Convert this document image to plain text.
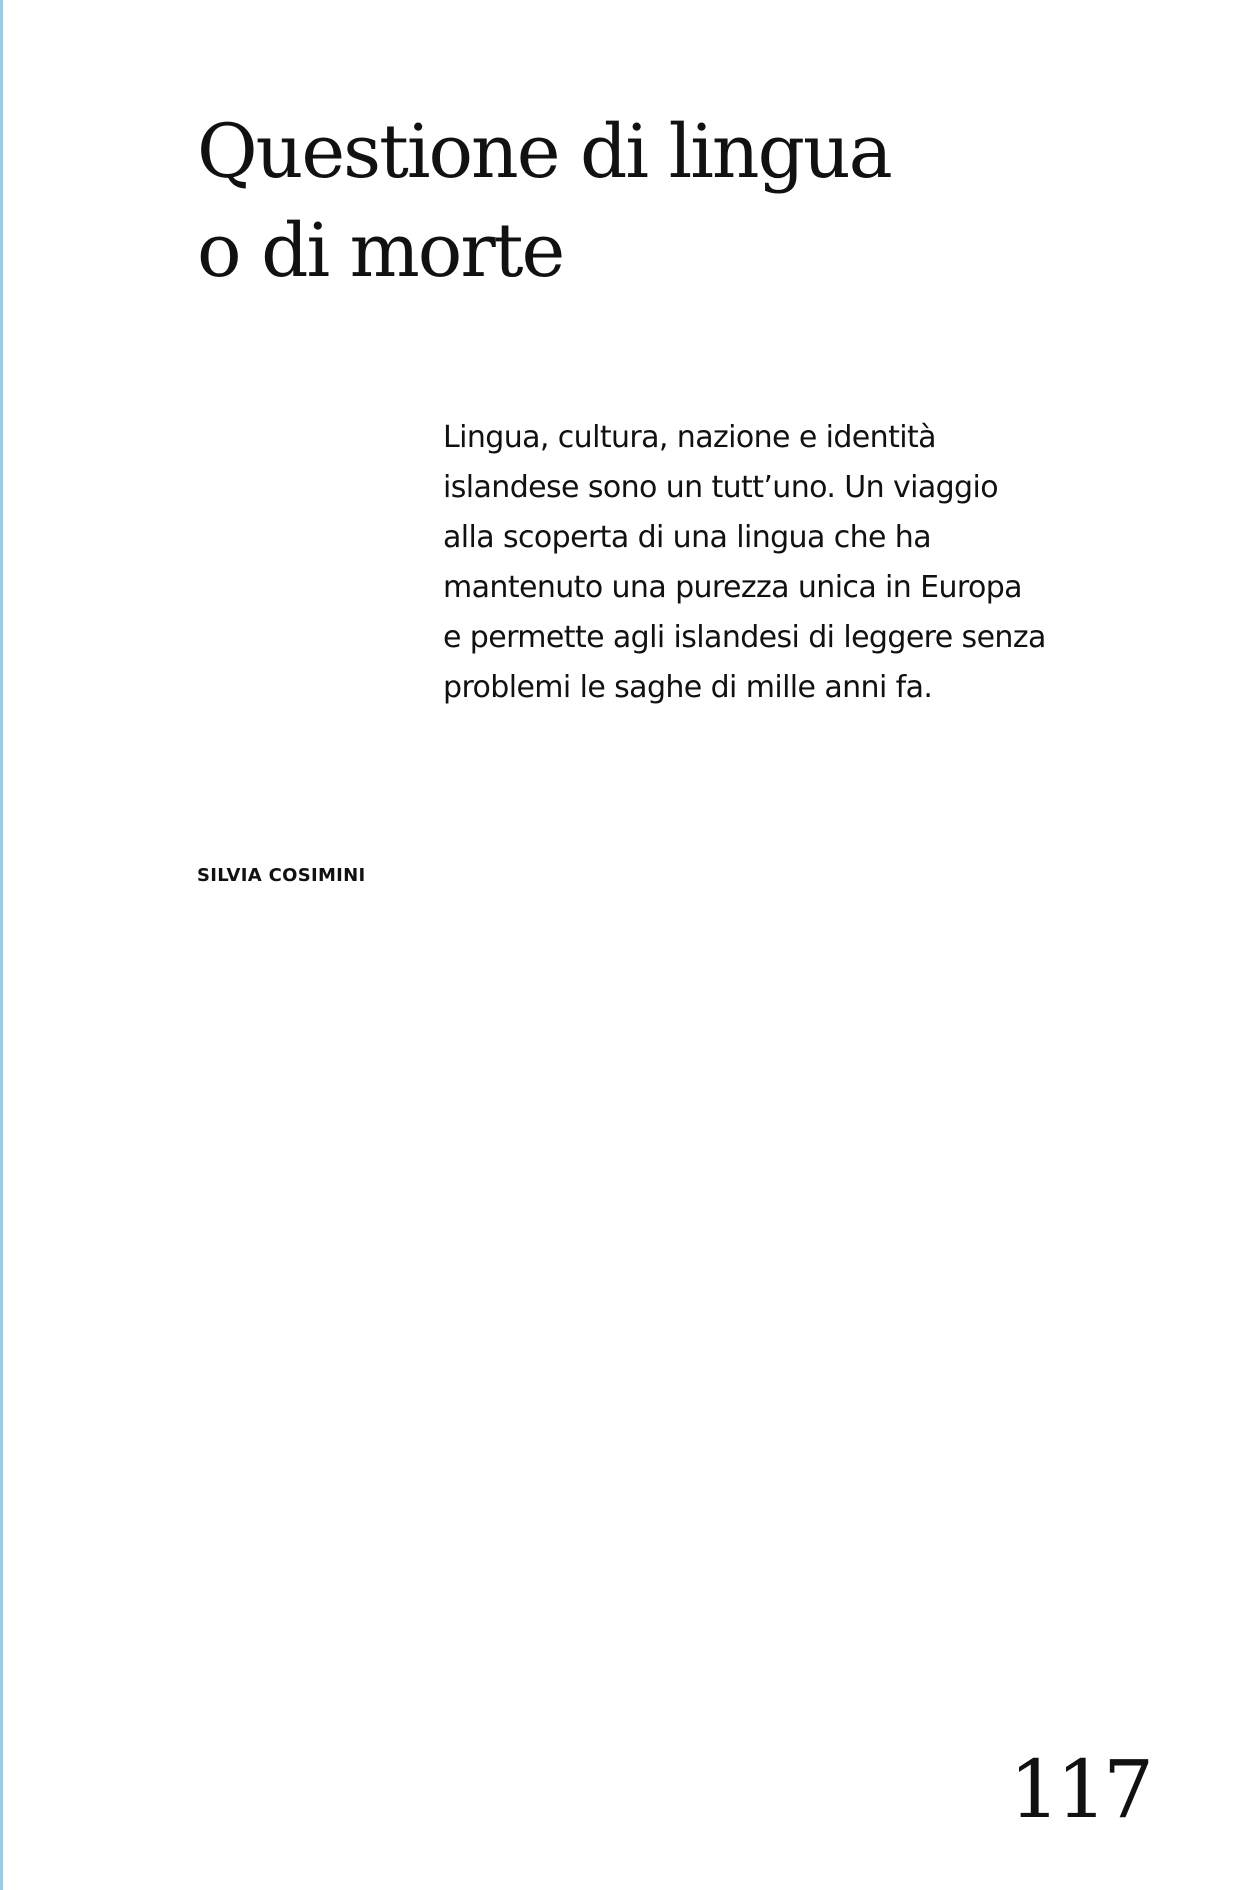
Questione di lingua
o di morte

Lingua, cultura, nazione e identità
islandese sono un tutt’uno. Un viaggio
alla scoperta di una lingua che ha
mantenuto una purezza unica in Europa
e permette agli islandesi di leggere senza
problemi le saghe di mille anni fa.

SILVIA COSIMINI
117
